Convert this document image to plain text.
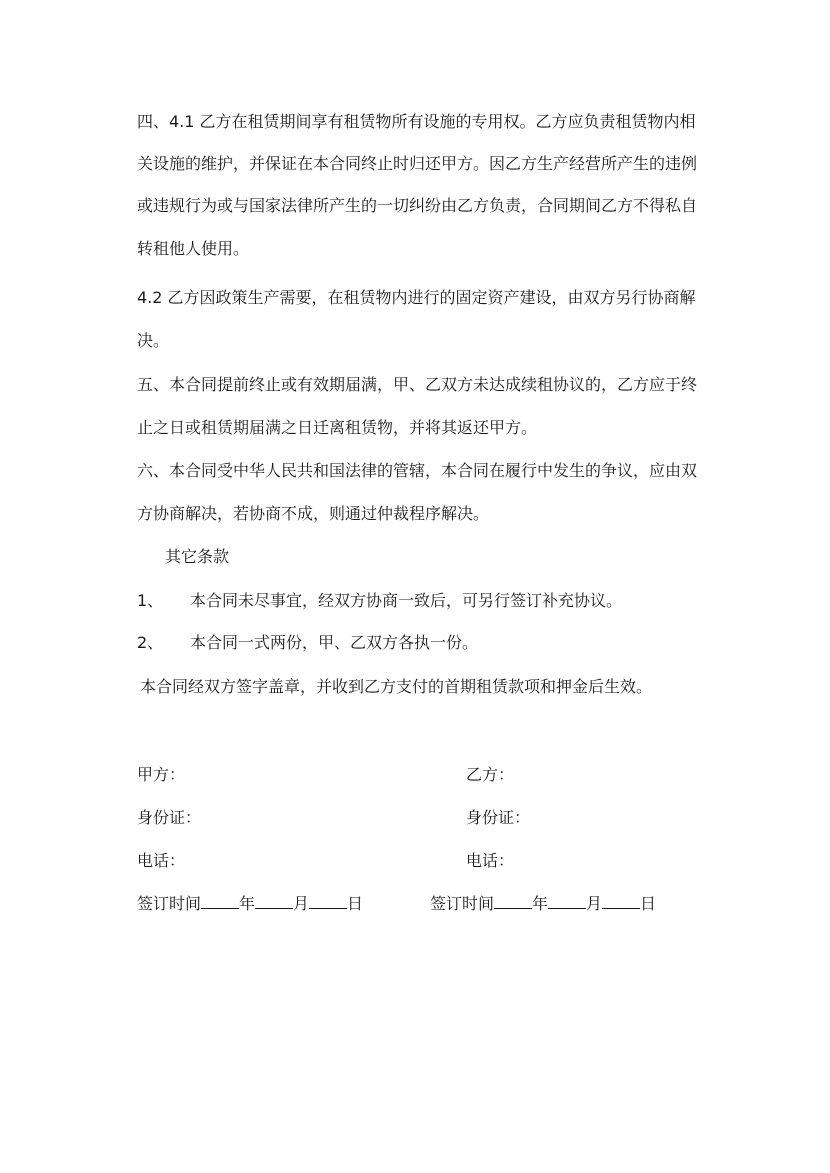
四、4.1 乙方在租赁期间享有租赁物所有设施的专用权。乙方应负责租赁物内相

关设施的维护，并保证在本合同终止时归还甲方。因乙方生产经营所产生的违例

或违规行为或与国家法律所产生的一切纠纷由乙方负责，合同期间乙方不得私自

转租他人使用。

4.2 乙方因政策生产需要，在租赁物内进行的固定资产建设，由双方另行协商解

决。

五、本合同提前终止或有效期届满，甲、乙双方未达成续租协议的，乙方应于终

止之日或租赁期届满之日迁离租赁物，并将其返还甲方。

六、本合同受中华人民共和国法律的管辖，本合同在履行中发生的争议，应由双

方协商解决，若协商不成，则通过仲裁程序解决。

其它条款

1、 本合同未尽事宜，经双方协商一致后，可另行签订补充协议。

2、 本合同一式两份，甲、乙双方各执一份。

本合同经双方签字盖章，并收到乙方支付的首期租赁款项和押金后生效。

甲方：

身份证：

电话：

乙方：

身份证：

电话：

签订时间 年 月 日	签订时间 年 月 日
